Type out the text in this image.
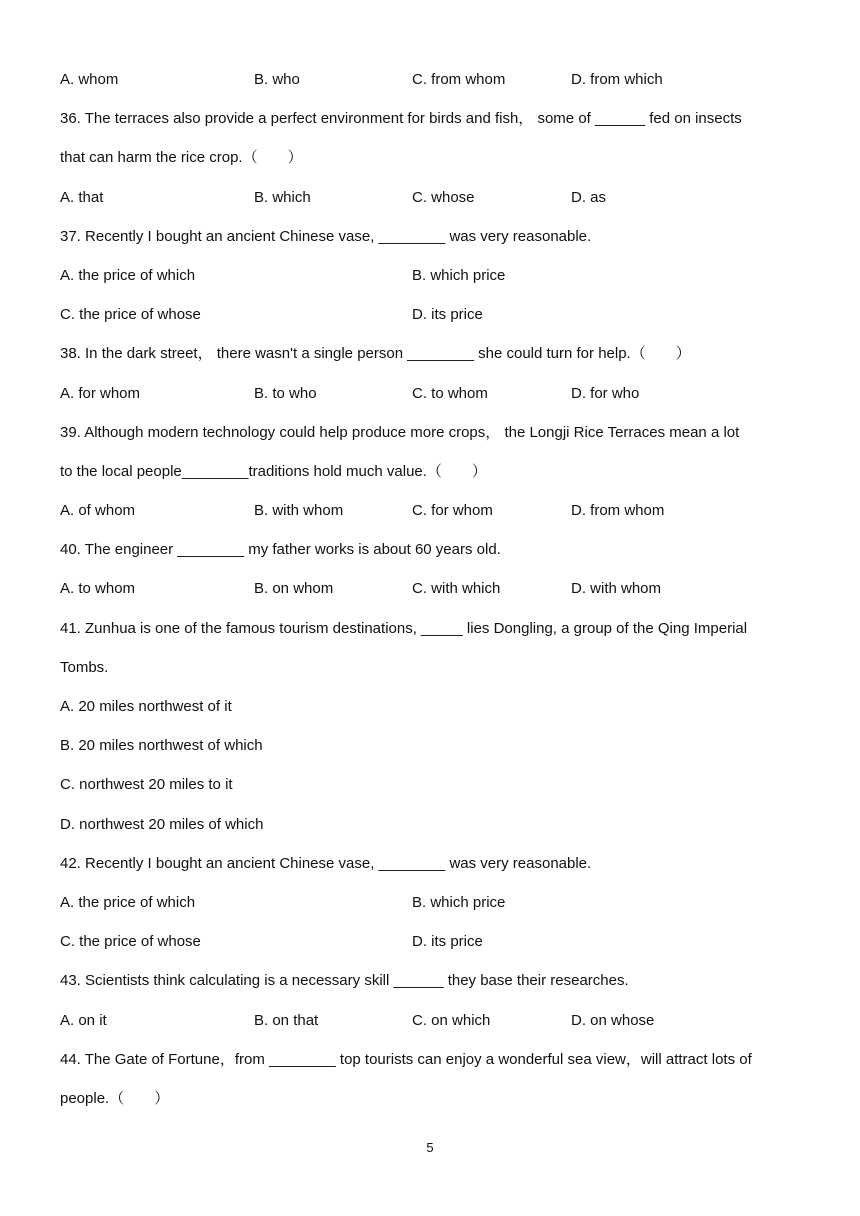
A. whom	B. who	C. from whom	D. from which
36. The terraces also provide a perfect environment for birds and fish， some of ______ fed on insects
that can harm the rice crop.（　　）
A. that	B. which	C. whose	D. as
37. Recently I bought an ancient Chinese vase, ________ was very reasonable.
A. the price of which	B. which price
C. the price of whose	D. its price
38. In the dark street， there wasn't a single person ________ she could turn for help.（　　）
A. for whom	B. to who	C. to whom	D. for who
39. Although modern technology could help produce more crops， the Longji Rice Terraces mean a lot
to the local people________traditions hold much value.（　　）
A. of whom	B. with whom	C. for whom	D. from whom
40. The engineer ________ my father works is about 60 years old.
A. to whom	B. on whom	C. with which	D. with whom
41. Zunhua is one of the famous tourism destinations, _____ lies Dongling, a group of the Qing Imperial
Tombs.
A. 20 miles northwest of it
B. 20 miles northwest of which
C. northwest 20 miles to it
D. northwest 20 miles of which
42. Recently I bought an ancient Chinese vase, ________ was very reasonable.
A. the price of which	B. which price
C. the price of whose	D. its price
43. Scientists think calculating is a necessary skill ______ they base their researches.
A. on it	B. on that	C. on which	D. on whose
44. The Gate of Fortune，from ________ top tourists can enjoy a wonderful sea view，will attract lots of
people.（　　）
5
